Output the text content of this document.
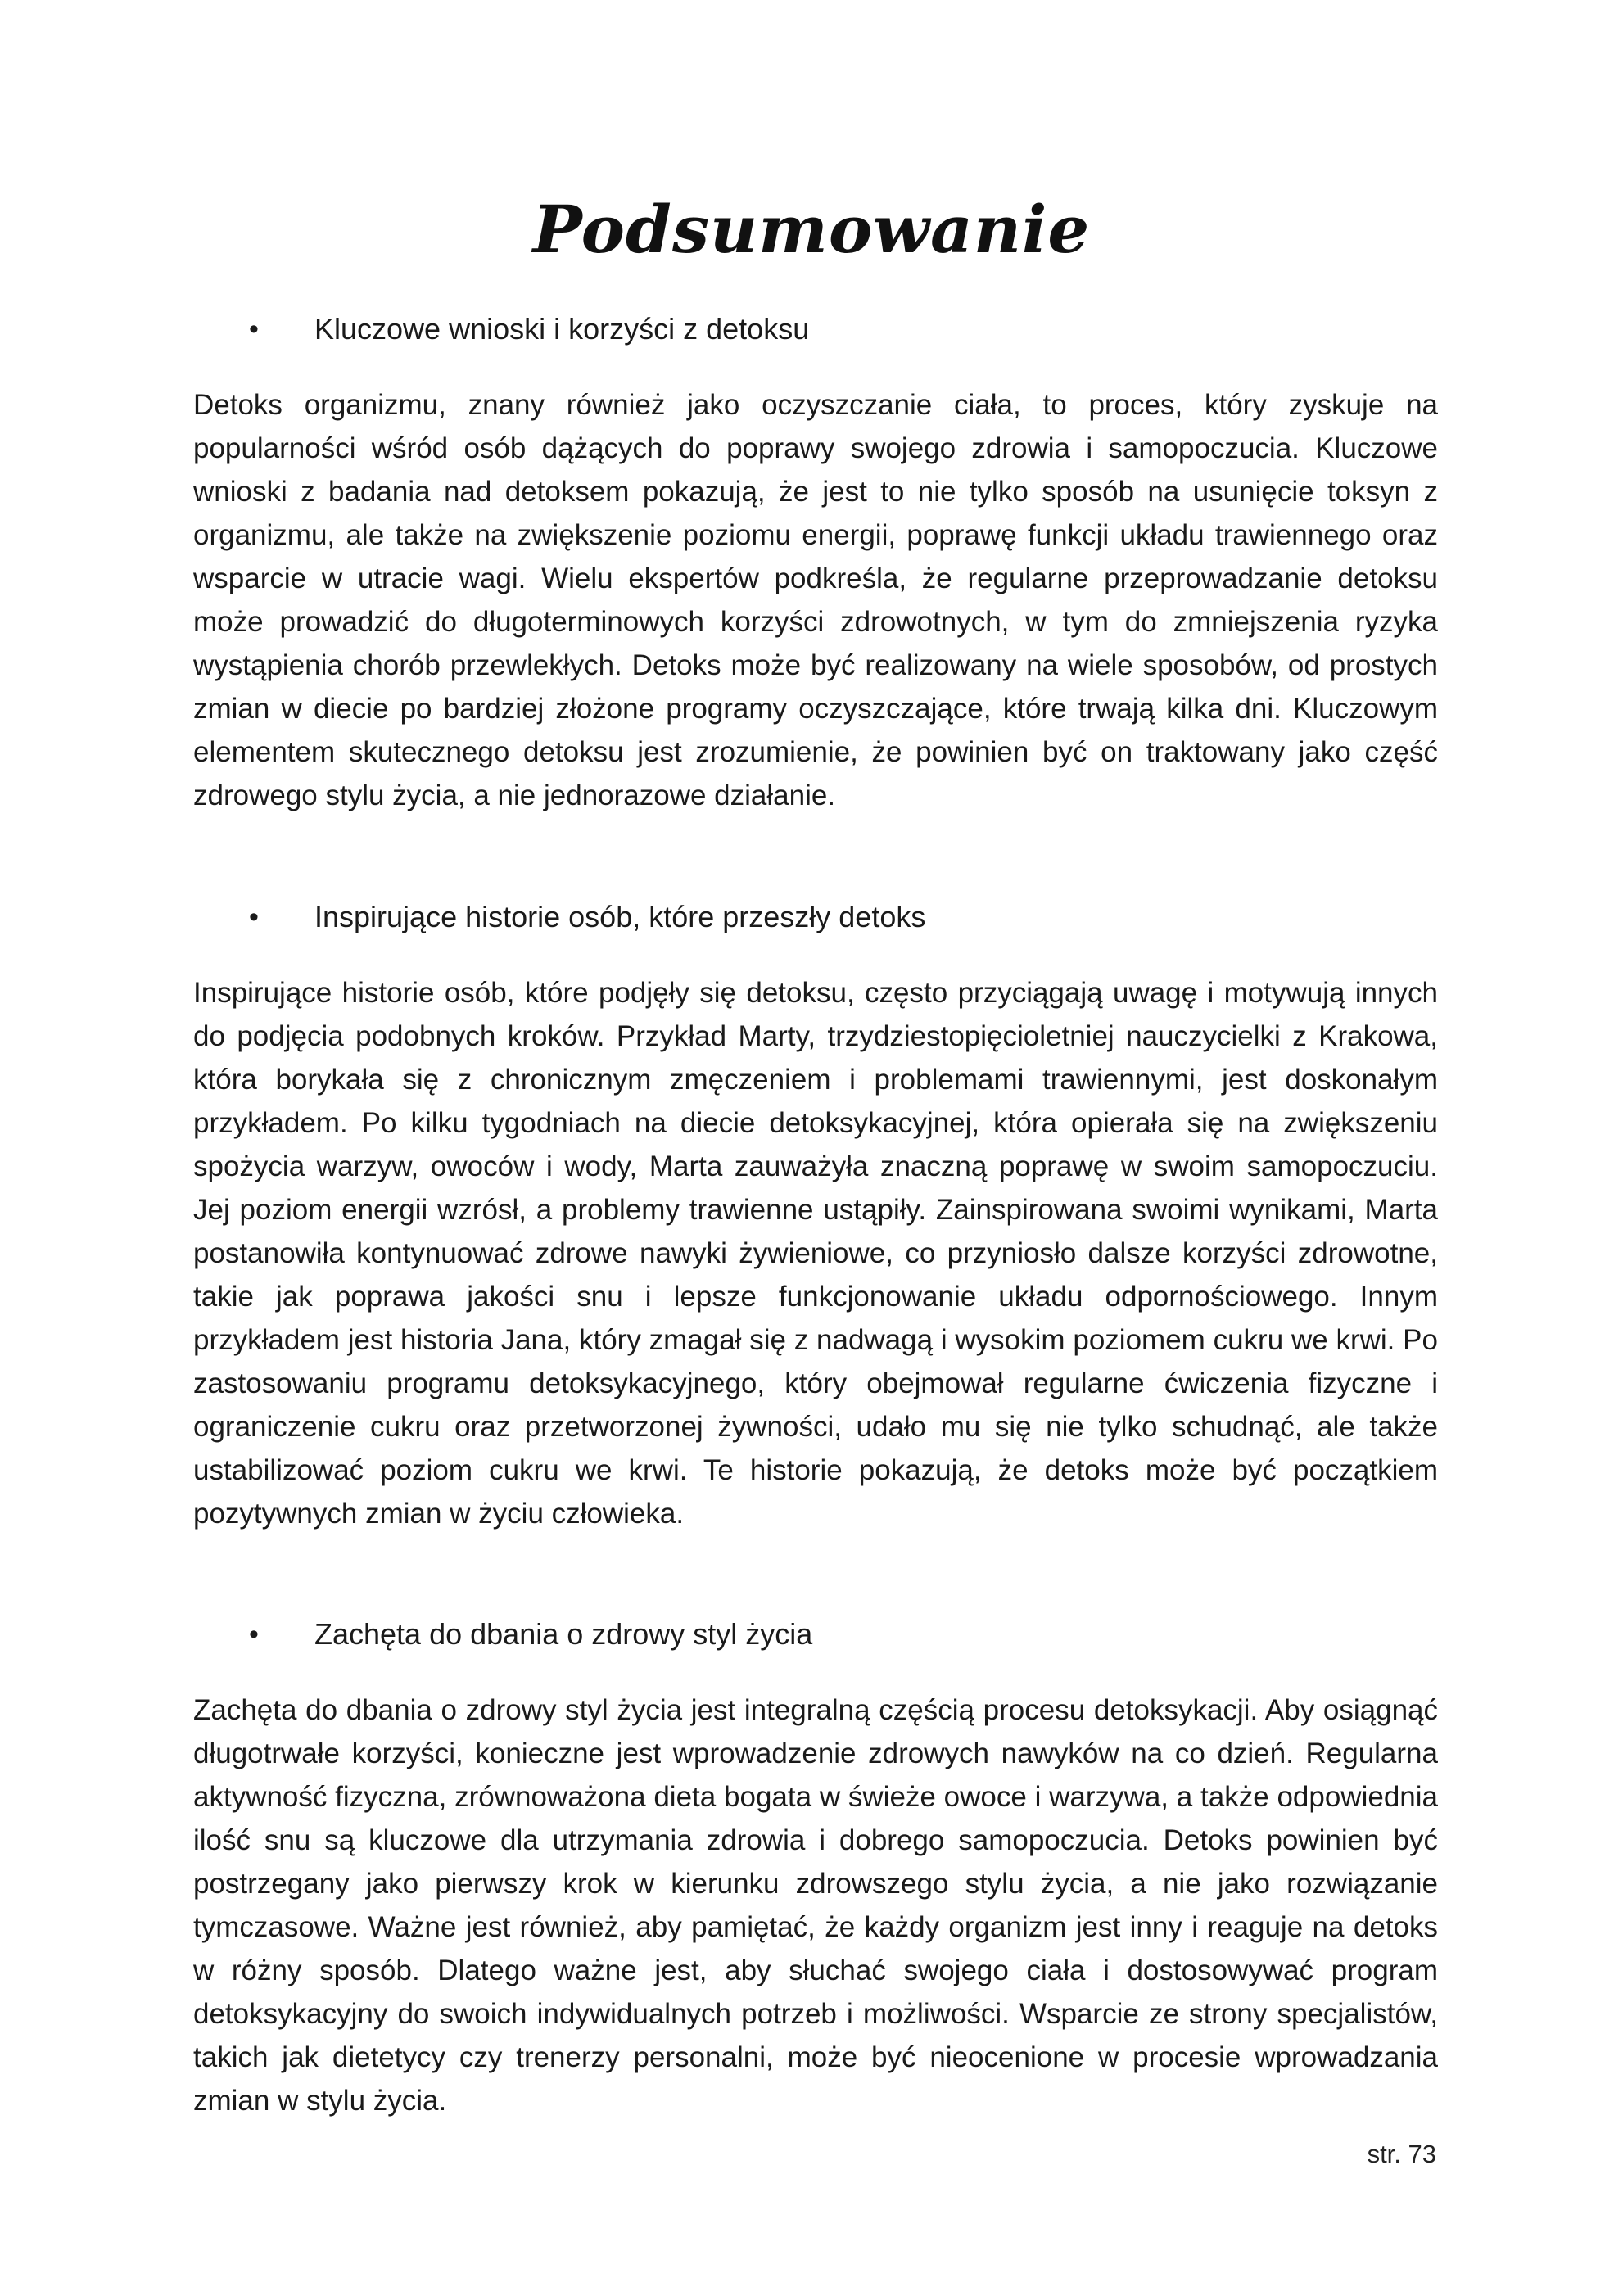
Podsumowanie
•	Kluczowe wnioski i korzyści z detoksu

Detoks organizmu, znany również jako oczyszczanie ciała, to proces, który zyskuje na popularności wśród osób dążących do poprawy swojego zdrowia i samopoczucia. Kluczowe wnioski z badania nad detoksem pokazują, że jest to nie tylko sposób na usunięcie toksyn z organizmu, ale także na zwiększenie poziomu energii, poprawę funkcji układu trawiennego oraz wsparcie w utracie wagi. Wielu ekspertów podkreśla, że regularne przeprowadzanie detoksu może prowadzić do długoterminowych korzyści zdrowotnych, w tym do zmniejszenia ryzyka wystąpienia chorób przewlekłych. Detoks może być realizowany na wiele sposobów, od prostych zmian w diecie po bardziej złożone programy oczyszczające, które trwają kilka dni. Kluczowym elementem skutecznego detoksu jest zrozumienie, że powinien być on traktowany jako część zdrowego stylu życia, a nie jednorazowe działanie.

•	Inspirujące historie osób, które przeszły detoks

Inspirujące historie osób, które podjęły się detoksu, często przyciągają uwagę i motywują innych do podjęcia podobnych kroków. Przykład Marty, trzydziestopięcioletniej nauczycielki z Krakowa, która borykała się z chronicznym zmęczeniem i problemami trawiennymi, jest doskonałym przykładem. Po kilku tygodniach na diecie detoksykacyjnej, która opierała się na zwiększeniu spożycia warzyw, owoców i wody, Marta zauważyła znaczną poprawę w swoim samopoczuciu. Jej poziom energii wzrósł, a problemy trawienne ustąpiły. Zainspirowana swoimi wynikami, Marta postanowiła kontynuować zdrowe nawyki żywieniowe, co przyniosło dalsze korzyści zdrowotne, takie jak poprawa jakości snu i lepsze funkcjonowanie układu odpornościowego. Innym przykładem jest historia Jana, który zmagał się z nadwagą i wysokim poziomem cukru we krwi. Po zastosowaniu programu detoksykacyjnego, który obejmował regularne ćwiczenia fizyczne i ograniczenie cukru oraz przetworzonej żywności, udało mu się nie tylko schudnąć, ale także ustabilizować poziom cukru we krwi. Te historie pokazują, że detoks może być początkiem pozytywnych zmian w życiu człowieka.

•	Zachęta do dbania o zdrowy styl życia

Zachęta do dbania o zdrowy styl życia jest integralną częścią procesu detoksykacji. Aby osiągnąć długotrwałe korzyści, konieczne jest wprowadzenie zdrowych nawyków na co dzień. Regularna aktywność fizyczna, zrównoważona dieta bogata w świeże owoce i warzywa, a także odpowiednia ilość snu są kluczowe dla utrzymania zdrowia i dobrego samopoczucia. Detoks powinien być postrzegany jako pierwszy krok w kierunku zdrowszego stylu życia, a nie jako rozwiązanie tymczasowe. Ważne jest również, aby pamiętać, że każdy organizm jest inny i reaguje na detoks w różny sposób. Dlatego ważne jest, aby słuchać swojego ciała i dostosowywać program detoksykacyjny do swoich indywidualnych potrzeb i możliwości. Wsparcie ze strony specjalistów, takich jak dietetycy czy trenerzy personalni, może być nieocenione w procesie wprowadzania zmian w stylu życia.

str. 73
